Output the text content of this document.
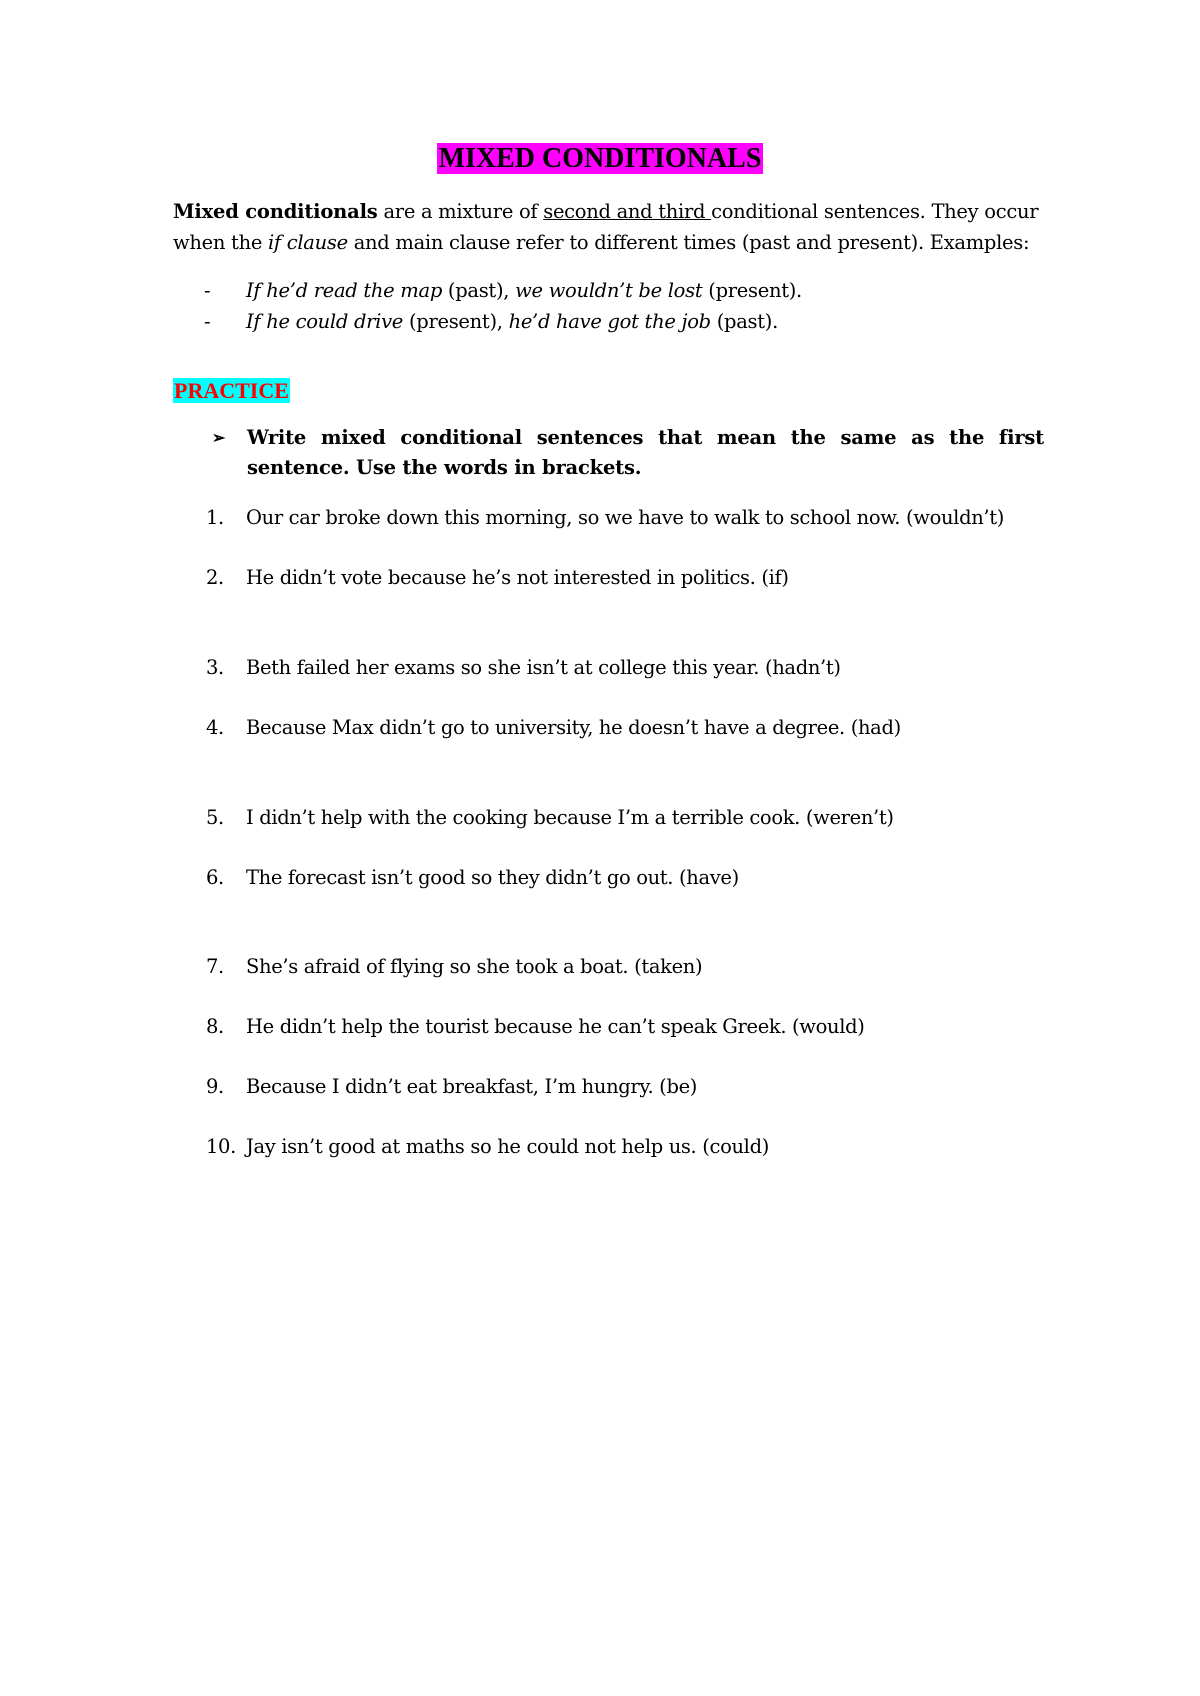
MIXED CONDITIONALS
Mixed conditionals are a mixture of second and third conditional sentences. They occur when the if clause and main clause refer to different times (past and present). Examples:
- If he’d read the map (past), we wouldn’t be lost (present).
- If he could drive (present), he’d have got the job (past).
PRACTICE
➢	Write mixed conditional sentences that mean the same as the first sentence. Use the words in brackets.
1. Our car broke down this morning, so we have to walk to school now. (wouldn’t)
2. He didn’t vote because he’s not interested in politics. (if)
3. Beth failed her exams so she isn’t at college this year. (hadn’t)
4. Because Max didn’t go to university, he doesn’t have a degree. (had)
5. I didn’t help with the cooking because I’m a terrible cook. (weren’t)
6. The forecast isn’t good so they didn’t go out. (have)
7. She’s afraid of flying so she took a boat. (taken)
8. He didn’t help the tourist because he can’t speak Greek. (would)
9. Because I didn’t eat breakfast, I’m hungry. (be)
10. Jay isn’t good at maths so he could not help us. (could)
